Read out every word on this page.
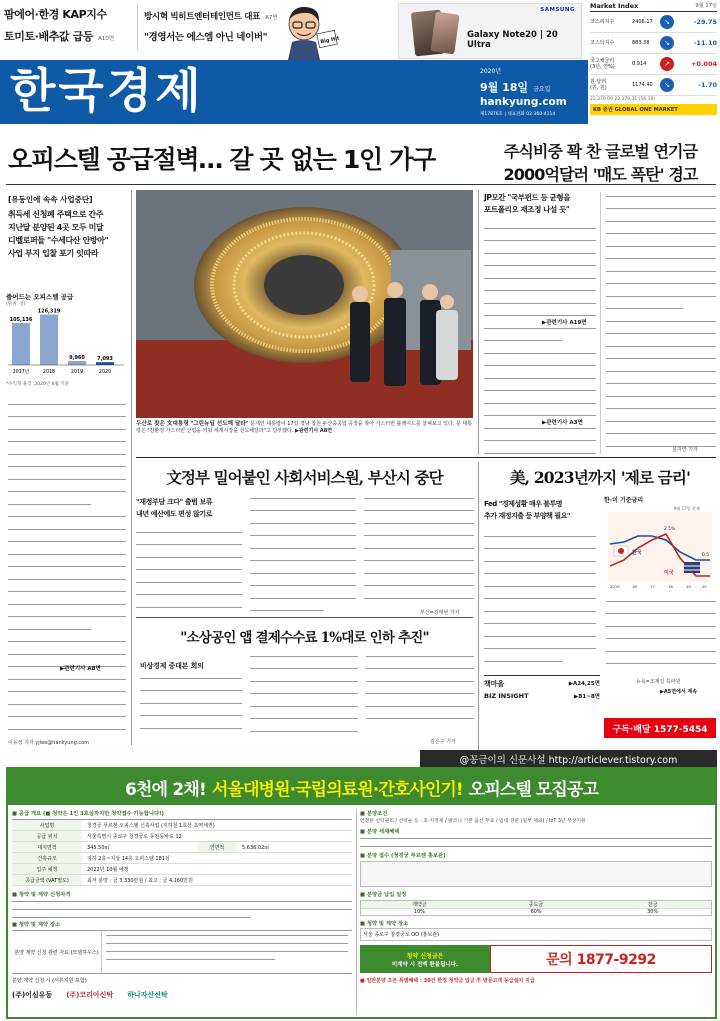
팜에어·한경 KAP지수
토미토·배추값 급등 A10면
방시혁 빅히트엔터테인먼트 대표 A7면
"경영서는 에스엠 아닌 네이버"	Big Hit
SAMSUNG
Galaxy Note20 | 20 Ultra
Market Index	9월 17일
코스피지수	2406.17	↘	-29.75
코스닥지수	883.38	↘	-11.10
국고채금리
(3년, 연%)	0.914	↗	+0.004
원·달러
(원, 원)	1174.40	↘	-1.70
22,379.09 22,379.31 (56.19)
KB 증권 GLOBAL ONE MARKET
한국경제	2020년
9월 18일 금요일
hankyung.com
제17876호 | 대표전화 02-360-4114
오피스텔 공급절벽… 갈 곳 없는 1인 가구	주식비중 꽉 찬 글로벌 연기금
2000억달러 '매도 폭탄' 경고
[유동인에 속속 사업중단]
취득세 신청폐 주택으로 간주
지난달 분양된 4곳 모두 미달
디벨로퍼들 "수세다산 안방아"
사업 부지 입찰 포기 잇따라
줄어드는 오피스텔 공급
(단위: 실)
105,136
2017년
126,319
2018
9,960
2019
7,093
2020
*수익형 율리 :2020년 6월 기준
▶관련기사 A8면
이유정 기자 yjlee@hankyung.com
두산로 찾은 文대통령 "그린뉴딜 선도해 달라" 문재인 대통령이 17일 경남 창원 두산중공업 공장을 찾아 가스터빈 블레이드를 살펴보고 있다. 문 대통령은 "친환경 가스터빈 산업을 키워 세계시장을 선도해달라"고 당부했다. ▶관련기사 A8면
JP모간 "국부펀드 등 균형을
포트폴리오 재조정 나설 듯"
▶관련기사 A19면
▶관련기사 A3면
설지연 기자
文정부 밀어붙인 사회서비스원, 부산시 중단
"재정부담 크다" 출범 보류
내년 예산에도 편성 않기로
부산=김태현 기자
"소상공인 앱 결제수수료 1%대로 인하 추진"
비상경제 중대본 회의
김은구 기자
美, 2023년까지 '제로 금리'
Fed "경제성황 매우 불투명
추가 재정지출 등 부양책 필요"
한·미 기준금리
한국
미국
9월 17일 현재
2.5%
0.5
2015	16	17	18	19	20
뉴욕=조재길 특파원
▶A5면에서 계속
책마을	▶A24,25면
BIZ INSIGHT	▶B1~8면
구독·배달 1577-5454
@꽁금이의 신문사설 http://articlever.tistory.com
6천에 2채! 서울대병원·국립의료원·간호사인기! 오피스텔 모집공고
■ 공급 개요 (■ 청약은 1인 3호실까지만 청약접수 가능합니다!)
사업명	창경궁 푸르젠 오피스텔 신축사업 (지하철 1호선 초역세권)
공급 위치	서울특별시 종로구 창경궁로 동천동바로 12
대지면적	345.50㎡	연면적	5,636.02㎡
건축규모	지하 2층~지상 14층 오피스텔 181실
입주 예정	2022년 10월 예정
공급금액 (VAT별도)	최저 분양 : 금 3,330만원 / 최고 : 금 4,160만원
■ 청약 및 계약 신청자격
■ 청약 및 계약 장소
분양 계약 신청 관련 자료 (모델하우스)
분양 계약 신청 시 (서류지원 포함)
(주)이심유동 (주)코리아신탁 하나자산신탁
■ 분양조건
안전한 신탁관리 / 선착순 등 : 호 지정제 / 발코니 기본 옵션 무료 / 임대 전문 (일부 제외) / IoT 3년 무상지원
■ 분양 세제혜택
■ 분양 접수 (청경궁 푸르젠 홍보관)
■ 분양금 납입 일정
계약금	중도금	잔금
10%	60%	30%
■ 청약 및 계약 장소
서울 종로구 창경궁로 OO (홍보관)
청약 신청금은
미계약 시 전액 환불됩니다.	문의 1877-9292
■ 일반분양 오픈 특별혜택 : 30건 한정 청약금 입금 후 방문고객 동급설치 지급
